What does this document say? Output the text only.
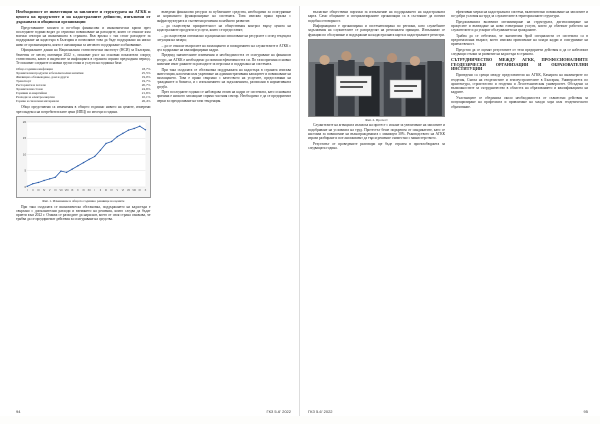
Необходимост от инвестиции за заплатите и структурата на АГКК и ценоvа на продуктите и на кадастралните дейности, изпълнени от държавата и общински организации

Представяните заплаги и по-общи финансови и икономически кризи през последните години водят до сериозно повишаване на разходите, които се отнасят към всички сектори на икономиката в страната. Във връзка с тях стоят разходите за поддържане на кадастъра в България и позволяват това да бъде поддържано на ниско ниво от организацията, която е ангажирана за неговото поддържане и обновяване.

Официалните данни на Националния статистически институт (НСИ) за България, бюлетин от месец октомври 2022 г., показват ръст на основни показатели според статистиката, както и индексите за инфлацията в страната спрямо предходния период. Те показват следните основни групи стоки и услуги на годишна база:

Общо годишна инфлация	18,7%
Хранителни продукти и безалкохолни напитки	25,5%
Жилищно обзавеждане, дом и други	19,0%
Транспорт	19,7%
Ресторанти и хотели	20,7%
Хранителни стоки	24,6%
Горивни и енергийни	21,6%
Разходи за електроенергия	10,1%
Горива и смазочни материали	26,4%

Общо представени са изменения в общото годишно нивото на цените, измерени чрез индекса на потребителските цени (ИПЦ) по месеци и години.

0
5
10
15
20
I II III IV V VI VII VIII IX X XI XII I II III IV V VI VII VIII IX X

Фиг. 1. Изменение в общото годишно равнище на цените

При така създалата се икономическа обстановка, поддържането на кадастъра е свързано с допълнителни разходи и вземането на решения, които следва да бъдат приети към 2022 г. Очаква се разходите да нараснат, което от своя страна означава, че трябва да се предприемат действия за осигуряване на средства.

въведени финансови ресурси за публичните средства, необходими за осигуряване на нормалното функциониране на системата. Това изисква пряка връзка с инфраструктурата и съответни решения за нейното развитие.

– да съществува приоритетност на обществения контрол върху цената на кадастралните продукти и услуги, които се предоставят;

– да съществува оптимално и рационално използване на ресурсите с оглед текущата ситуация на пазара;

– да се отнасят въпросите на заплащането и поощрението на служителите в АГКК с цел задържане на квалифицирани кадри.

Предвид значителните изменения и необходимостта от осигуряване на финансов ресурс, на АГКК е необходимо да повиши ефективността си. По тази причина основно значение имат данните за разходите за персонал и поддръжка на системата.

При така създалата се обстановка поддръжката на кадастъра в страната изисква инвестиции, насочени към укрепване на административния капацитет и повишаване на заплащането. Това е пряко свързано с качеството на услугите, предоставяни на гражданите и бизнеса, и с изпълнението на задълженията, разписани в нормативната уредба.

През последните години се наблюдава отлив на кадри от системата, като основната причина е ниското заплащане спрямо частния сектор. Необходимо е да се предприемат мерки за преодоляване на тази тенденция.

94	ГКЗ 5-6' 2022

възлагане обществени поръчки за изпълнение на поддържането на кадастралната карта. Само общините и специализираните организации са в състояние да поемат подобна отговорност.

Информацията е организирана и систематизирана по региони, като служебните задължения на служителите се разпределят на регионален принцип. Изпълняват се функции по обслужване и поддържане на кадастралната карта и кадастралните регистри.

Фиг. 2. Протест

Служителите на агенцията излязоха на протест с искане за увеличение на заплатите и подобряване на условията на труд. Протестът беше подкрепен от синдикатите, като се настоява за повишение на възнагражденията с минимум 30%. Ръководството на АГКК изрази разбиране и пое ангажимент да търси решение съвместно с министерството.

Резултатът от проведените разговори ще бъде отразен в проектобюджета за следващата година.

ефективни мерки на кадастралната система, включително повишаване на заплатите и по-добри условия на труд за служителите в териториалните структури.

Предложенията включват оптимизиране на структурата, дигитализиране на процесите и въвеждане на нови електронни услуги, които да облекчат работата на служителите и да ускорят обслужването на гражданите.

Трябва да се отбележи, че значителен брой специалисти от системата са в предпенсионна възраст, което изисква привличане на млади кадри и осигуряване на приемственост.

Предстои да се оценят резултатите от тези предприети действия и да се набележат следващи стъпки за развитие на кадастъра в страната.

СЪТРУДНИЧЕСТВО МЕЖДУ АГКК, ПРОФЕСИОНАЛНИТЕ ГЕОДЕЗИЧЕСКИ ОРГАНИЗАЦИИ И ОБРАЗОВАТЕЛНИ ИНСТИТУЦИИ

Проведени са срещи между представители на АГКК, Камарата на инженерите по геодезия, Съюза на геодезистите и землеустроителите в България, Университета по архитектура, строителство и геодезия и Лесотехническия университет. Обсъдени са възможностите за сътрудничество в областта на образованието и квалификацията на кадрите.

Участниците се обединиха около необходимостта от съвместни действия за популяризиране на професията и привличане на млади хора към геодезическото образование.

ГКЗ 5-6' 2022	95
